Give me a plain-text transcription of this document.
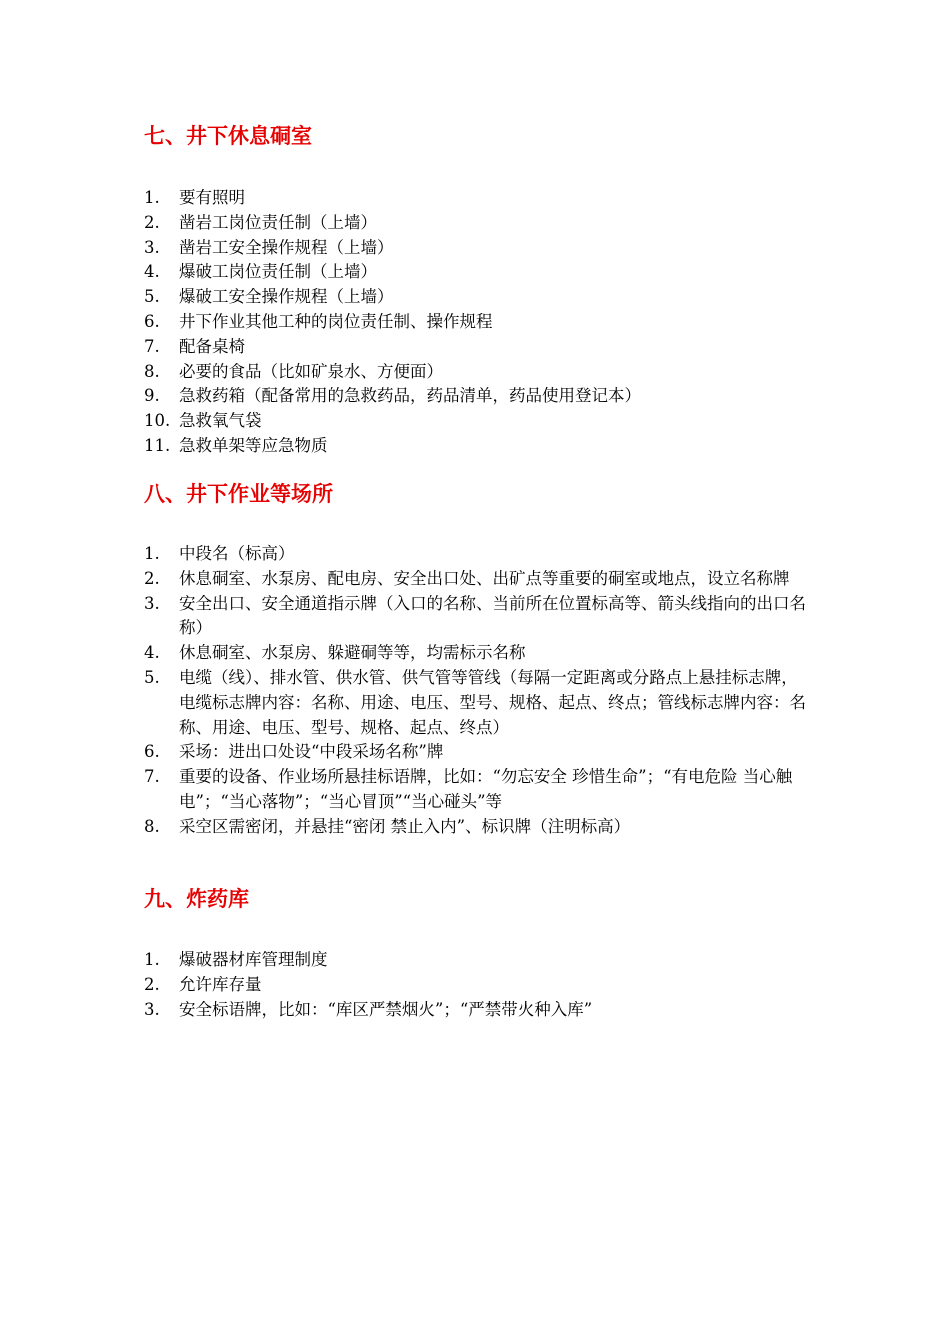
七、井下休息硐室
1.	要有照明
2.	凿岩工岗位责任制（上墙）
3.	凿岩工安全操作规程（上墙）
4.	爆破工岗位责任制（上墙）
5.	爆破工安全操作规程（上墙）
6.	井下作业其他工种的岗位责任制、操作规程
7.	配备桌椅
8.	必要的食品（比如矿泉水、方便面）
9.	急救药箱（配备常用的急救药品，药品清单，药品使用登记本）
10. 急救氧气袋
11. 急救单架等应急物质
八、井下作业等场所
1.	中段名（标高）
2.	休息硐室、水泵房、配电房、安全出口处、出矿点等重要的硐室或地点，设立名称牌
3.	安全出口、安全通道指示牌（入口的名称、当前所在位置标高等、箭头线指向的出口名称）
4.	休息硐室、水泵房、躲避硐等等，均需标示名称
5.	电缆（线）、排水管、供水管、供气管等管线（每隔一定距离或分路点上悬挂标志牌，电缆标志牌内容：名称、用途、电压、型号、规格、起点、终点；管线标志牌内容：名称、用途、电压、型号、规格、起点、终点）
6.	采场：进出口处设“中段采场名称”牌
7.	重要的设备、作业场所悬挂标语牌，比如：“勿忘安全 珍惜生命”；“有电危险 当心触电”；“当心落物”；“当心冒顶”“当心碰头”等
8.	采空区需密闭，并悬挂“密闭 禁止入内”、标识牌（注明标高）
九、炸药库
1.	爆破器材库管理制度
2.	允许库存量
3.	安全标语牌，比如：“库区严禁烟火”；“严禁带火种入库”
